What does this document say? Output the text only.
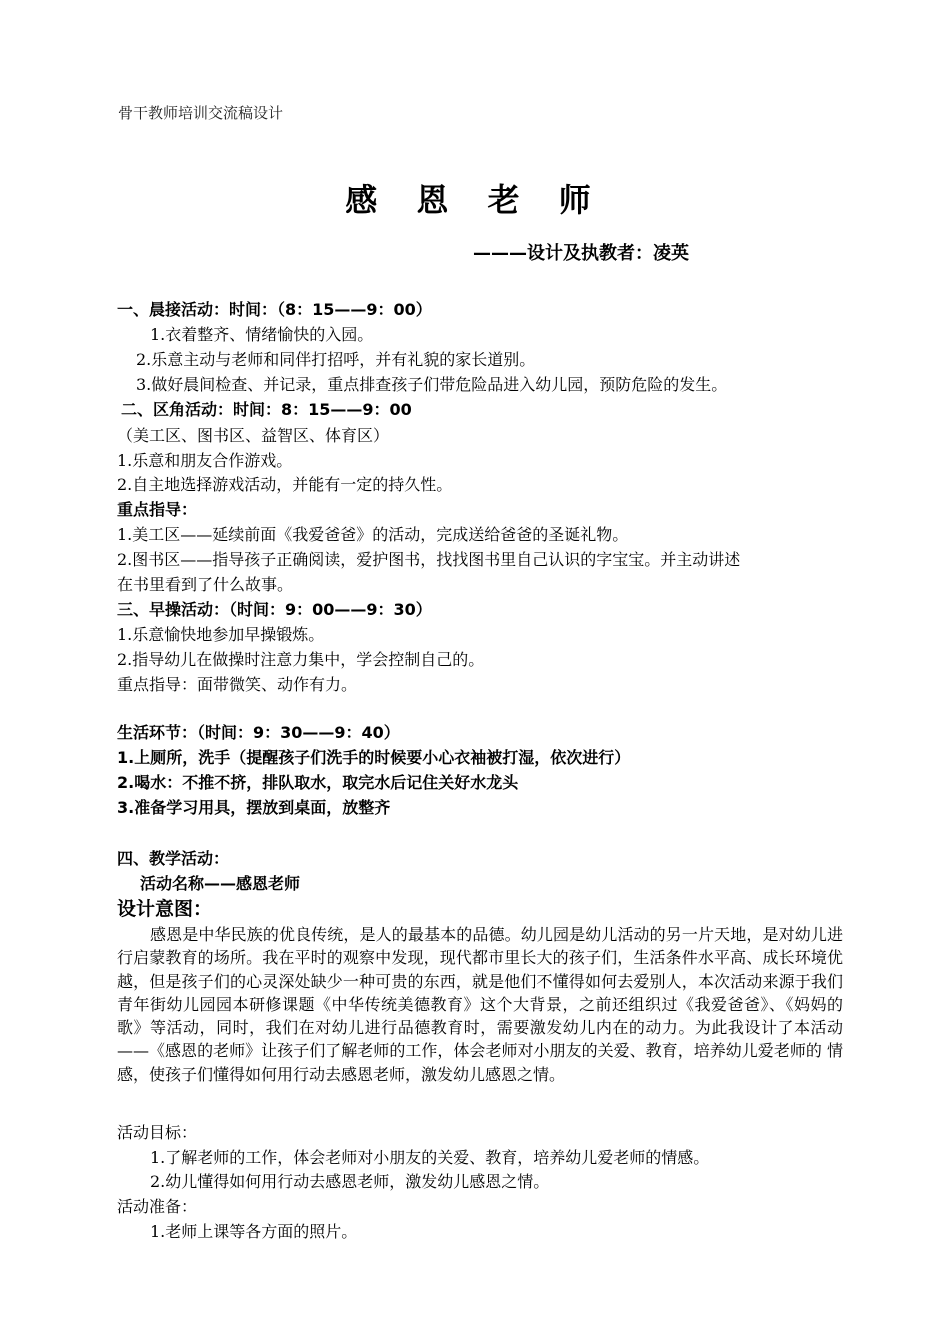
骨干教师培训交流稿设计
感 恩 老 师
———设计及执教者：凌英
一、晨接活动：时间：（8：15——9：00）
1.衣着整齐、情绪愉快的入园。
2.乐意主动与老师和同伴打招呼，并有礼貌的家长道别。
3.做好晨间检查、并记录，重点排查孩子们带危险品进入幼儿园，预防危险的发生。
二、区角活动：时间：8：15——9：00
（美工区、图书区、益智区、体育区）
1.乐意和朋友合作游戏。
2.自主地选择游戏活动，并能有一定的持久性。
重点指导：
1.美工区——延续前面《我爱爸爸》的活动，完成送给爸爸的圣诞礼物。
2.图书区——指导孩子正确阅读，爱护图书，找找图书里自己认识的字宝宝。并主动讲述
在书里看到了什么故事。
三、早操活动：（时间：9：00——9：30）
1.乐意愉快地参加早操锻炼。
2.指导幼儿在做操时注意力集中，学会控制自己的。
重点指导：面带微笑、动作有力。
生活环节：（时间：9：30——9：40）
1.上厕所，洗手（提醒孩子们洗手的时候要小心衣袖被打湿，依次进行）
2.喝水：不推不挤，排队取水，取完水后记住关好水龙头
3.准备学习用具，摆放到桌面，放整齐
四、教学活动：
活动名称——感恩老师
设计意图：
感恩是中华民族的优良传统，是人的最基本的品德。幼儿园是幼儿活动的另一片天地，是对幼儿进行启蒙教育的场所。我在平时的观察中发现，现代都市里长大的孩子们，生活条件水平高、成长环境优越，但是孩子们的心灵深处缺少一种可贵的东西，就是他们不懂得如何去爱别人，本次活动来源于我们青年街幼儿园园本研修课题《中华传统美德教育》这个大背景，之前还组织过《我爱爸爸》、《妈妈的歌》等活动，同时，我们在对幼儿进行品德教育时，需要激发幼儿内在的动力。为此我设计了本活动——《感恩的老师》让孩子们了解老师的工作，体会老师对小朋友的关爱、教育，培养幼儿爱老师的 情感，使孩子们懂得如何用行动去感恩老师，激发幼儿感恩之情。
活动目标：
1.了解老师的工作，体会老师对小朋友的关爱、教育，培养幼儿爱老师的情感。
2.幼儿懂得如何用行动去感恩老师，激发幼儿感恩之情。
活动准备：
1.老师上课等各方面的照片。
